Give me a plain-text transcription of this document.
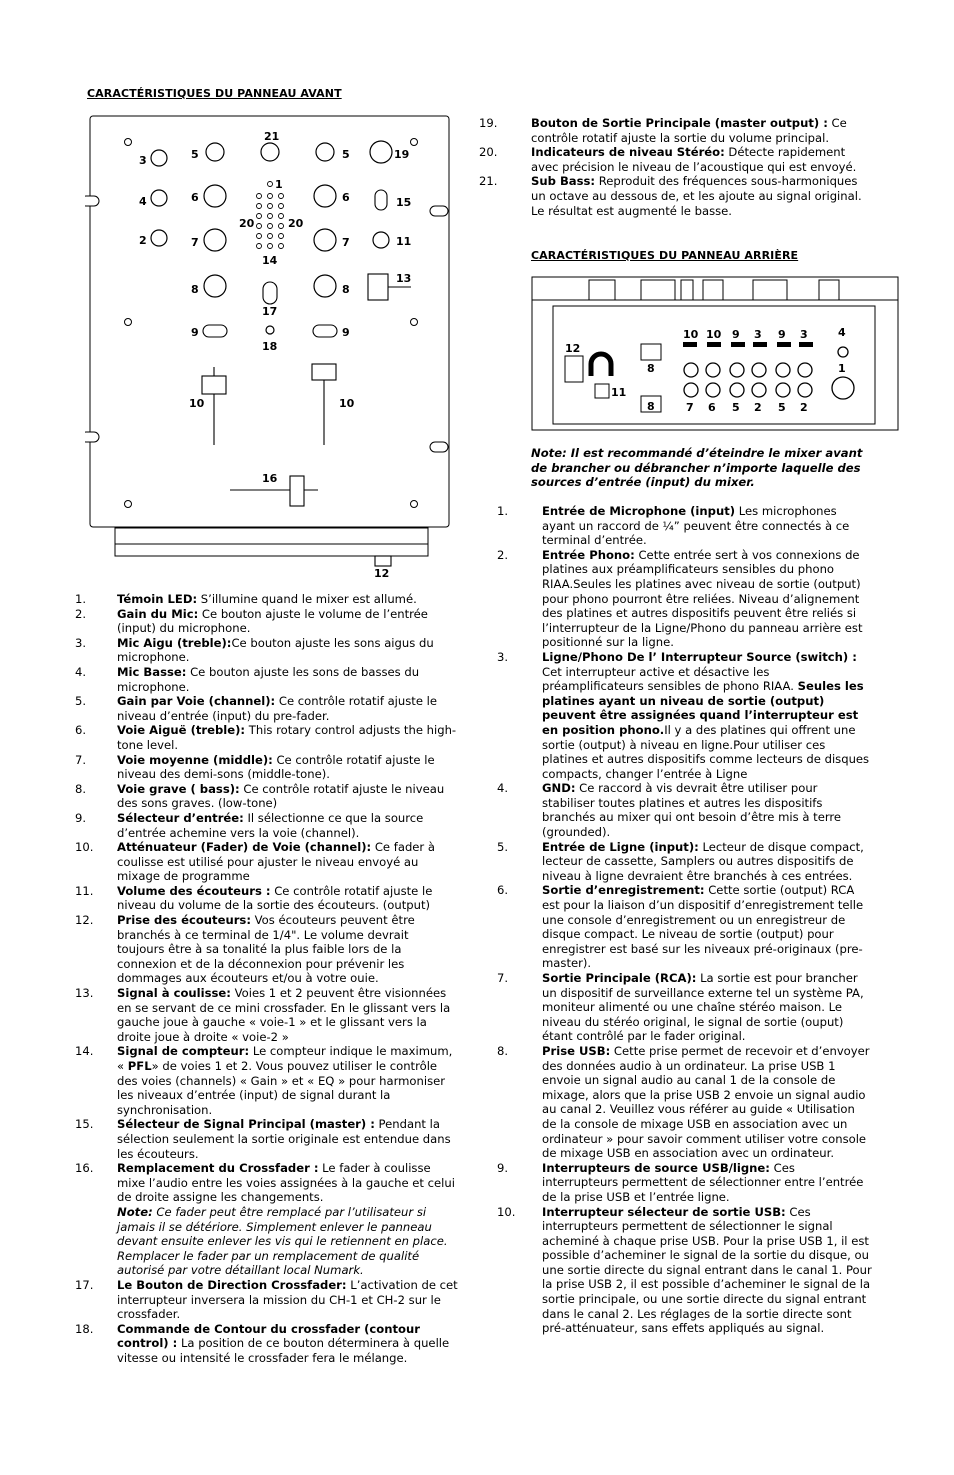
CARACTÉRISTIQUES DU PANNEAU AVANT
CARACTÉRISTIQUES DU PANNEAU ARRIÈRE
21
5	5	19
3
1
4	6	6	15
20	20
2	7	7	11
14
13
8	8
17
9	9
18
10	10
16
12
12
11
8
8
10 10 9 3 9 3	4
7 6 5 2 5 2
1
1.	Témoin LED: S’illumine quand le mixer est allumé.
2.	Gain du Mic: Ce bouton ajuste le volume de l’entrée (input) du microphone.
3.	Mic Aigu (treble):Ce bouton ajuste les sons aigus du microphone.
4.	Mic Basse: Ce bouton ajuste les sons de basses du microphone.
5.	Gain par Voie (channel): Ce contrôle rotatif ajuste le niveau d’entrée (input) du pre-fader.
6.	Voie Aiguë (treble): This rotary control adjusts the high-tone level.
7.	Voie moyenne (middle): Ce contrôle rotatif ajuste le niveau des demi-sons (middle-tone).
8.	Voie grave ( bass): Ce contrôle rotatif ajuste le niveau des sons graves. (low-tone)
9.	Sélecteur d’entrée: Il sélectionne ce que la source d’entrée achemine vers la voie (channel).
10.	Atténuateur (Fader) de Voie (channel): Ce fader à coulisse est utilisé pour ajuster le niveau envoyé au mixage de programme
11.	Volume des écouteurs : Ce contrôle rotatif ajuste le niveau du volume de la sortie des écouteurs. (output)
12.	Prise des écouteurs: Vos écouteurs peuvent être branchés à ce terminal de 1/4". Le volume devrait toujours être à sa tonalité la plus faible lors de la connexion et de la déconnexion pour prévenir les dommages aux écouteurs et/ou à votre ouie.
13.	Signal à coulisse: Voies 1 et 2 peuvent être visionnées en se servant de ce mini crossfader. En le glissant vers la gauche joue à gauche « voie-1 » et le glissant vers la droite joue à droite « voie-2 »
14.	Signal de compteur: Le compteur indique le maximum, « PFL» de voies 1 et 2. Vous pouvez utiliser le contrôle des voies (channels) « Gain » et « EQ » pour harmoniser les niveaux d’entrée (input) de signal durant la synchronisation.
15.	Sélecteur de Signal Principal (master) : Pendant la sélection seulement la sortie originale est entendue dans les écouteurs.
16.	Remplacement du Crossfader : Le fader à coulisse mixe l’audio entre les voies assignées à la gauche et celui de droite assigne les changements.
Note: Ce fader peut être remplacé par l’utilisateur si jamais il se détériore. Simplement enlever le panneau devant ensuite enlever les vis qui le retiennent en place. Remplacer le fader par un remplacement de qualité autorisé par votre détaillant local Numark.
17.	Le Bouton de Direction Crossfader: L’activation de cet interrupteur inversera la mission du CH-1 et CH-2 sur le crossfader.
18.	Commande de Contour du crossfader (contour control) : La position de ce bouton déterminera à quelle vitesse ou intensité le crossfader fera le mélange.
19.	Bouton de Sortie Principale (master output) : Ce contrôle rotatif ajuste la sortie du volume principal.
20.	Indicateurs de niveau Stéréo: Détecte rapidement avec précision le niveau de l’acoustique qui est envoyé.
21.	Sub Bass: Reproduit des fréquences sous-harmoniques un octave au dessous de, et les ajoute au signal original. Le résultat est augmenté le basse.
Note: Il est recommandé d’éteindre le mixer avant de brancher ou débrancher n’importe laquelle des sources d’entrée (input) du mixer.
1.	Entrée de Microphone (input) Les microphones ayant un raccord de ¼” peuvent être connectés à ce terminal d’entrée.
2.	Entrée Phono: Cette entrée sert à vos connexions de platines aux préamplificateurs sensibles du phono RIAA.Seules les platines avec niveau de sortie (output) pour phono pourront être reliées. Niveau d’alignement des platines et autres dispositifs peuvent être reliés si l’interrupteur de la Ligne/Phono du panneau arrière est positionné sur la ligne.
3.	Ligne/Phono De l’ Interrupteur Source (switch) : Cet interrupteur active et désactive les préamplificateurs sensibles de phono RIAA. Seules les platines ayant un niveau de sortie (output) peuvent être assignées quand l’interrupteur est en position phono.Il y a des platines qui offrent une sortie (output) à niveau en ligne.Pour utiliser ces platines et autres dispositifs comme lecteurs de disques compacts, changer l’entrée à Ligne
4.	GND: Ce raccord à vis devrait être utiliser pour stabiliser toutes platines et autres les dispositifs branchés au mixer qui ont besoin d’être mis à terre (grounded).
5.	Entrée de Ligne (input): Lecteur de disque compact, lecteur de cassette, Samplers ou autres dispositifs de niveau à ligne devraient être branchés à ces entrées.
6.	Sortie d’enregistrement: Cette sortie (output) RCA est pour la liaison d’un dispositif d’enregistrement telle une console d’enregistrement ou un enregistreur de disque compact. Le niveau de sortie (output) pour enregistrer est basé sur les niveaux pré-originaux (pre-master).
7.	Sortie Principale (RCA): La sortie est pour brancher un dispositif de surveillance externe tel un système PA, moniteur alimenté ou une chaîne stéréo maison. Le niveau du stéréo original, le signal de sortie (ouput) étant contrôlé par le fader original.
8.	Prise USB: Cette prise permet de recevoir et d’envoyer des données audio à un ordinateur. La prise USB 1 envoie un signal audio au canal 1 de la console de mixage, alors que la prise USB 2 envoie un signal audio au canal 2. Veuillez vous référer au guide « Utilisation de la console de mixage USB en association avec un ordinateur » pour savoir comment utiliser votre console de mixage USB en association avec un ordinateur.
9.	Interrupteurs de source USB/ligne: Ces interrupteurs permettent de sélectionner entre l’entrée de la prise USB et l’entrée ligne.
10.	Interrupteur sélecteur de sortie USB: Ces interrupteurs permettent de sélectionner le signal acheminé à chaque prise USB. Pour la prise USB 1, il est possible d’acheminer le signal de la sortie du disque, ou une sortie directe du signal entrant dans le canal 1. Pour la prise USB 2, il est possible d’acheminer le signal de la sortie principale, ou une sortie directe du signal entrant dans le canal 2. Les réglages de la sortie directe sont pré-atténuateur, sans effets appliqués au signal.
